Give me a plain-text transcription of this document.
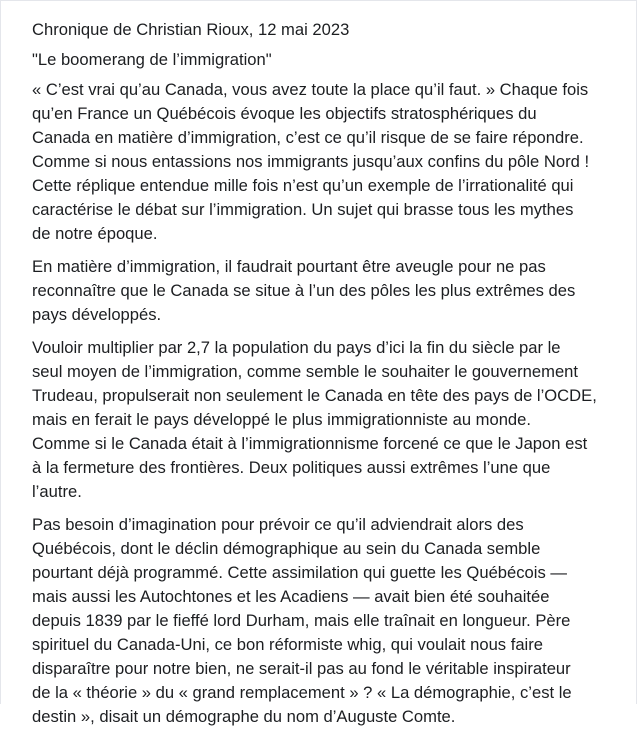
Chronique de Christian Rioux, 12 mai 2023

"Le boomerang de l’immigration"

« C’est vrai qu’au Canada, vous avez toute la place qu’il faut. » Chaque fois
qu’en France un Québécois évoque les objectifs stratosphériques du
Canada en matière d’immigration, c’est ce qu’il risque de se faire répondre.
Comme si nous entassions nos immigrants jusqu’aux confins du pôle Nord !
Cette réplique entendue mille fois n’est qu’un exemple de l’irrationalité qui
caractérise le débat sur l’immigration. Un sujet qui brasse tous les mythes
de notre époque.

En matière d’immigration, il faudrait pourtant être aveugle pour ne pas
reconnaître que le Canada se situe à l’un des pôles les plus extrêmes des
pays développés.

Vouloir multiplier par 2,7 la population du pays d’ici la fin du siècle par le
seul moyen de l’immigration, comme semble le souhaiter le gouvernement
Trudeau, propulserait non seulement le Canada en tête des pays de l’OCDE,
mais en ferait le pays développé le plus immigrationniste au monde.
Comme si le Canada était à l’immigrationnisme forcené ce que le Japon est
à la fermeture des frontières. Deux politiques aussi extrêmes l’une que
l’autre.

Pas besoin d’imagination pour prévoir ce qu’il adviendrait alors des
Québécois, dont le déclin démographique au sein du Canada semble
pourtant déjà programmé. Cette assimilation qui guette les Québécois —
mais aussi les Autochtones et les Acadiens — avait bien été souhaitée
depuis 1839 par le fieffé lord Durham, mais elle traînait en longueur. Père
spirituel du Canada-Uni, ce bon réformiste whig, qui voulait nous faire
disparaître pour notre bien, ne serait-il pas au fond le véritable inspirateur
de la « théorie » du « grand remplacement » ? « La démographie, c’est le
destin », disait un démographe du nom d’Auguste Comte.
